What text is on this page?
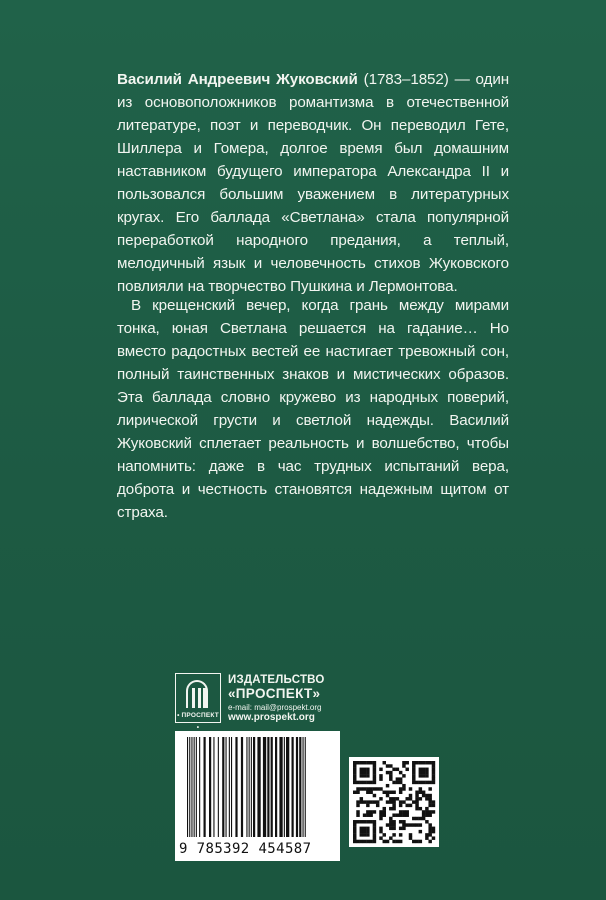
Василий Андреевич Жуковский (1783–1852) — один из основоположников романтизма в отечественной литературе, поэт и переводчик. Он переводил Гете, Шиллера и Гомера, долгое время был домашним наставником будущего императора Александра II и пользовался большим уважением в литературных кругах. Его баллада «Светлана» стала популярной переработкой народного предания, а теплый, мелодичный язык и человечность стихов Жуковского повлияли на творчество Пушкина и Лермонтова.
В крещенский вечер, когда грань между мирами тонка, юная Светлана решается на гадание… Но вместо радостных вестей ее настигает тревожный сон, полный таинственных знаков и мистических образов. Эта баллада словно кружево из народных поверий, лирической грусти и светлой надежды. Василий Жуковский сплетает реальность и волшебство, чтобы напомнить: даже в час трудных испытаний вера, доброта и честность становятся надежным щитом от страха.
• ПРОСПЕКТ •
ИЗДАТЕЛЬСТВО
«ПРОСПЕКТ»
e-mail: mail@prospekt.org
www.prospekt.org
9 785392 454587
